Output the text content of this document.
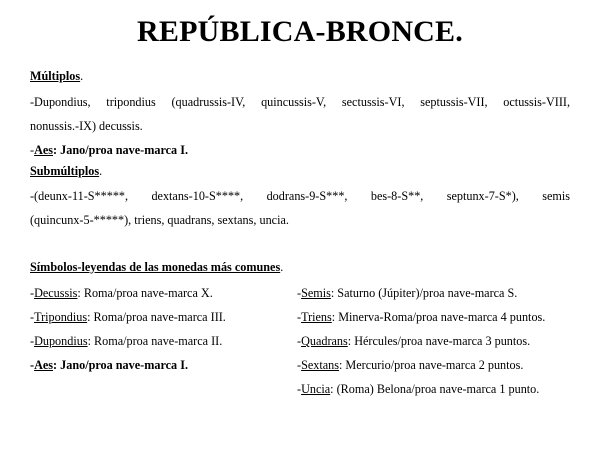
REPÚBLICA-BRONCE.
Múltiplos.
-Dupondius, tripondius (quadrussis-IV, quincussis-V, sectussis-VI, septussis-VII, octussis-VIII,
nonussis.-IX) decussis.
-Aes: Jano/proa nave-marca I.
Submúltiplos.
-(deunx-11-S*****, dextans-10-S****, dodrans-9-S***, bes-8-S**, septunx-7-S*), semis
(quincunx-5-*****), triens, quadrans, sextans, uncia.
Símbolos-leyendas de las monedas más comunes.
-Decussis: Roma/proa nave-marca X.
-Tripondius: Roma/proa nave-marca III.
-Dupondius: Roma/proa nave-marca II.
-Aes: Jano/proa nave-marca I.
-Semis: Saturno (Júpiter)/proa nave-marca S.
-Triens: Minerva-Roma/proa nave-marca 4 puntos.
-Quadrans: Hércules/proa nave-marca 3 puntos.
-Sextans: Mercurio/proa nave-marca 2 puntos.
-Uncia: (Roma) Belona/proa nave-marca 1 punto.
